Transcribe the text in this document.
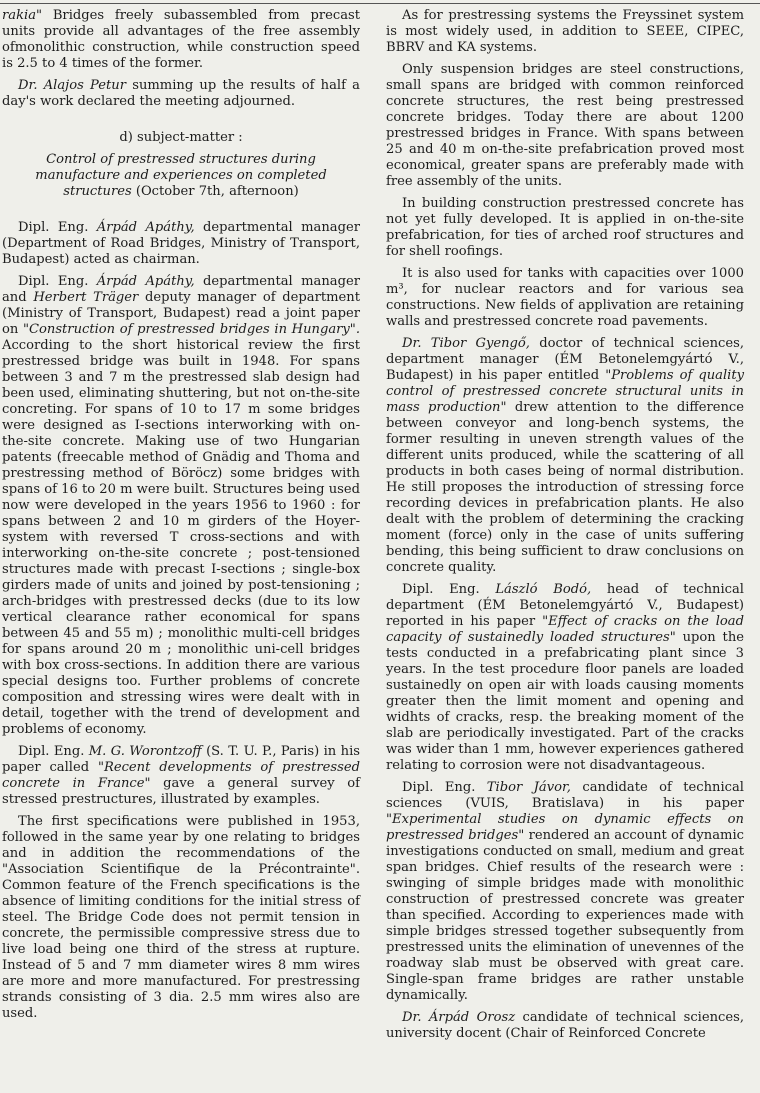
rakia" Bridges freely subassembled from precast units provide all advantages of the free assembly ofmonolithic construction, while construction speed is 2.5 to 4 times of the former.

Dr. Alajos Petur summing up the results of half a day's work declared the meeting adjourned.

d) subject-matter :

Control of prestressed structures during manufacture and experiences on completed structures (October 7th, afternoon)

Dipl. Eng. Árpád Apáthy, departmental manager (Department of Road Bridges, Ministry of Transport, Budapest) acted as chairman.

Dipl. Eng. Árpád Apáthy, departmental manager and Herbert Träger deputy manager of department (Ministry of Transport, Budapest) read a joint paper on "Construction of prestressed bridges in Hungary". According to the short historical review the first prestressed bridge was built in 1948. For spans between 3 and 7 m the prestressed slab design had been used, eliminating shuttering, but not on-the-site concreting. For spans of 10 to 17 m some bridges were designed as I-sections interworking with on-the-site concrete. Making use of two Hungarian patents (freecable method of Gnädig and Thoma and prestressing method of Böröcz) some bridges with spans of 16 to 20 m were built. Structures being used now were developed in the years 1956 to 1960 : for spans between 2 and 10 m girders of the Hoyer-system with reversed T cross-sections and with interworking on-the-site concrete ; post-tensioned structures made with precast I-sections ; single-box girders made of units and joined by post-tensioning ; arch-bridges with prestressed decks (due to its low vertical clearance rather economical for spans between 45 and 55 m) ; monolithic multi-cell bridges for spans around 20 m ; monolithic uni-cell bridges with box cross-sections. In addition there are various special designs too. Further problems of concrete composition and stressing wires were dealt with in detail, together with the trend of development and problems of economy.

Dipl. Eng. M. G. Worontzoff (S. T. U. P., Paris) in his paper called "Recent developments of prestressed concrete in France" gave a general survey of stressed prestructures, illustrated by examples.

The first specifications were published in 1953, followed in the same year by one relating to bridges and in addition the recommendations of the "Association Scientifique de la Précontrainte". Common feature of the French specifications is the absence of limiting conditions for the initial stress of steel. The Bridge Code does not permit tension in concrete, the permissible compressive stress due to live load being one third of the stress at rupture. Instead of 5 and 7 mm diameter wires 8 mm wires are more and more manufactured. For prestressing strands consisting of 3 dia. 2.5 mm wires also are used.

As for prestressing systems the Freyssinet system is most widely used, in addition to SEEE, CIPEC, BBRV and KA systems.

Only suspension bridges are steel constructions, small spans are bridged with common reinforced concrete structures, the rest being prestressed concrete bridges. Today there are about 1200 prestressed bridges in France. With spans between 25 and 40 m on-the-site prefabrication proved most economical, greater spans are preferably made with free assembly of the units.

In building construction prestressed concrete has not yet fully developed. It is applied in on-the-site prefabrication, for ties of arched roof structures and for shell roofings.

It is also used for tanks with capacities over 1000 m³, for nuclear reactors and for various sea constructions. New fields of applivation are retaining walls and prestressed concrete road pavements.

Dr. Tibor Gyengő, doctor of technical sciences, department manager (ÉM Betonelemgyártó V., Budapest) in his paper entitled "Problems of quality control of prestressed concrete structural units in mass production" drew attention to the difference between conveyor and long-bench systems, the former resulting in uneven strength values of the different units produced, while the scattering of all products in both cases being of normal distribution. He still proposes the introduction of stressing force recording devices in prefabrication plants. He also dealt with the problem of determining the cracking moment (force) only in the case of units suffering bending, this being sufficient to draw conclusions on concrete quality.

Dipl. Eng. László Bodó, head of technical department (ÉM Betonelemgyártó V., Budapest) reported in his paper "Effect of cracks on the load capacity of sustainedly loaded structures" upon the tests conducted in a prefabricating plant since 3 years. In the test procedure floor panels are loaded sustainedly on open air with loads causing moments greater then the limit moment and opening and widhts of cracks, resp. the breaking moment of the slab are periodically investigated. Part of the cracks was wider than 1 mm, however experiences gathered relating to corrosion were not disadvantageous.

Dipl. Eng. Tibor Jávor, candidate of technical sciences (VUIS, Bratislava) in his paper "Experimental studies on dynamic effects on prestressed bridges" rendered an account of dynamic investigations conducted on small, medium and great span bridges. Chief results of the research were : swinging of simple bridges made with monolithic construction of prestressed concrete was greater than specified. According to experiences made with simple bridges stressed together subsequently from prestressed units the elimination of unevennes of the roadway slab must be observed with great care. Single-span frame bridges are rather unstable dynamically.

Dr. Árpád Orosz candidate of technical sciences, university docent (Chair of Reinforced Concrete
